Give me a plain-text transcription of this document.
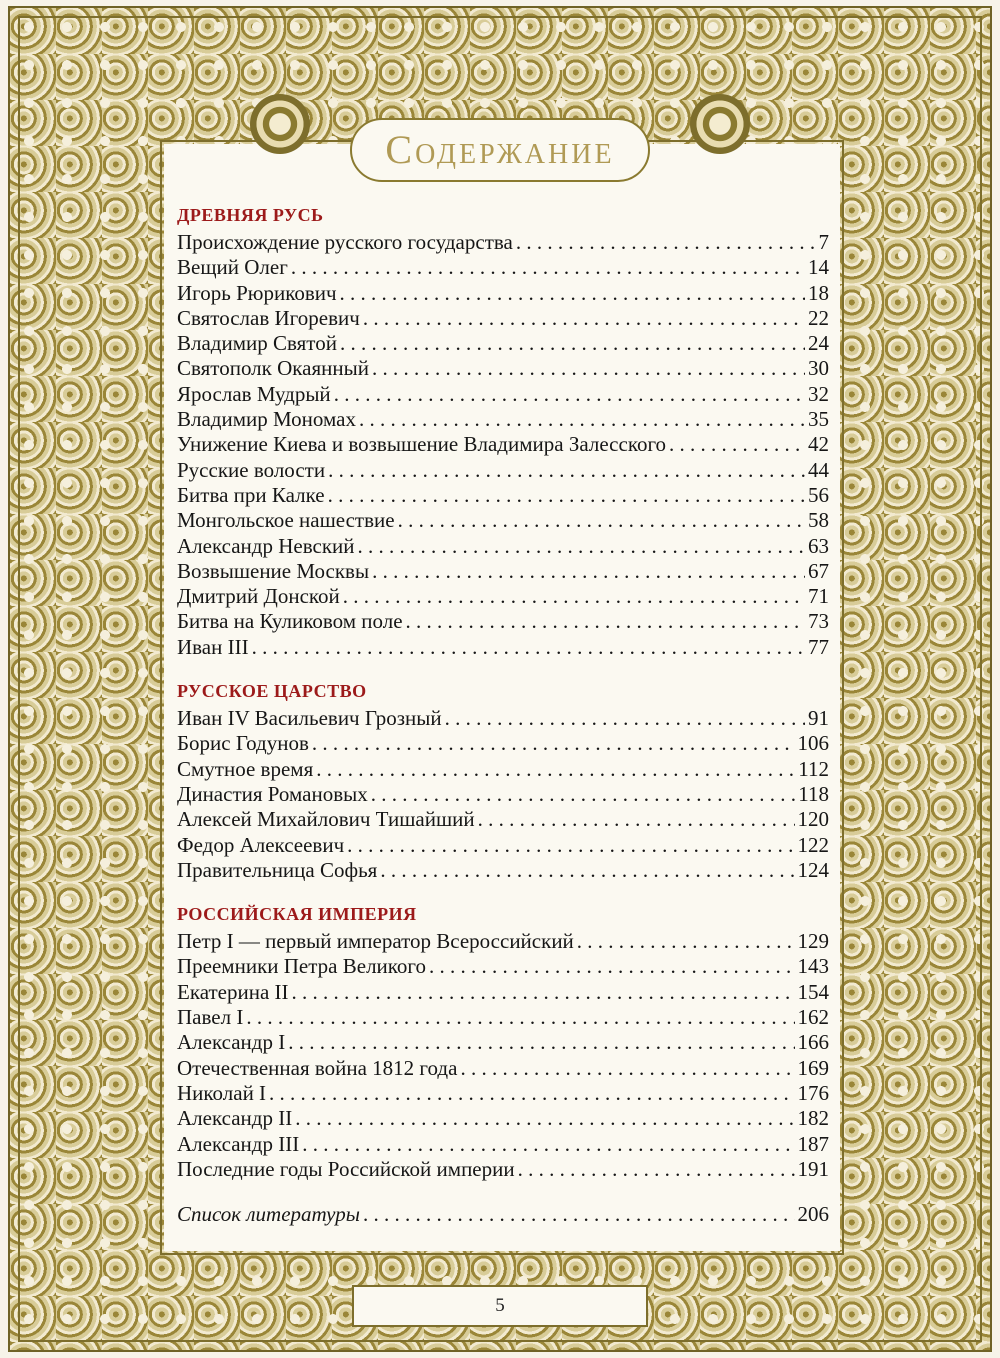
Содержание
ДРЕВНЯЯ РУСЬ
Происхождение русского государства . . .	7
Вещий Олег . . .	14
Игорь Рюрикович . . .	18
Святослав Игоревич . . .	22
Владимир Святой . . .	24
Святополк Окаянный . . .	30
Ярослав Мудрый . . .	32
Владимир Мономах . . .	35
Унижение Киева и возвышение Владимира Залесского . . .	42
Русские волости . . .	44
Битва при Калке . . .	56
Монгольское нашествие . . .	58
Александр Невский . . .	63
Возвышение Москвы . . .	67
Дмитрий Донской . . .	71
Битва на Куликовом поле . . .	73
Иван III . . .	77
РУССКОЕ ЦАРСТВО
Иван IV Васильевич Грозный . . .	91
Борис Годунов . . .	106
Смутное время . . .	112
Династия Романовых . . .	118
Алексей Михайлович Тишайший . . .	120
Федор Алексеевич . . .	122
Правительница Софья . . .	124
РОССИЙСКАЯ ИМПЕРИЯ
Петр I — первый император Всероссийский . . .	129
Преемники Петра Великого . . .	143
Екатерина II . . .	154
Павел I . . .	162
Александр I . . .	166
Отечественная война 1812 года . . .	169
Николай I . . .	176
Александр II . . .	182
Александр III . . .	187
Последние годы Российской империи . . .	191
Список литературы . . .	206
5
